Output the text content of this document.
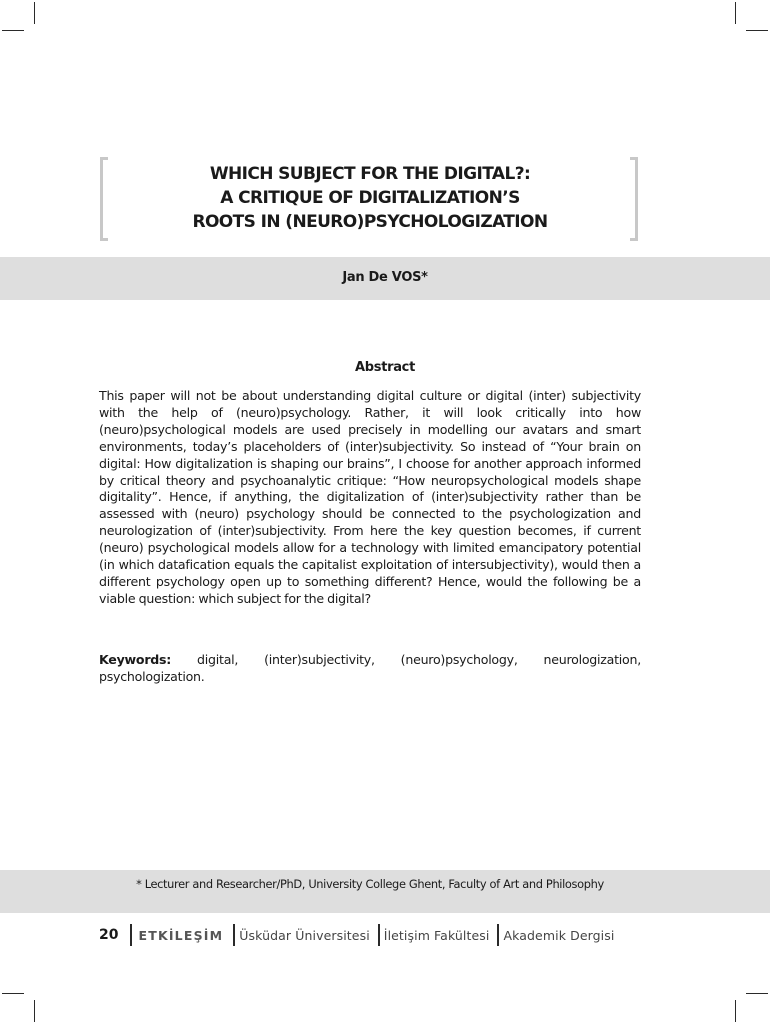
WHICH SUBJECT FOR THE DIGITAL?:
A CRITIQUE OF DIGITALIZATION’S
ROOTS IN (NEURO)PSYCHOLOGIZATION
Jan De VOS*
Abstract
This paper will not be about understanding digital culture or digital (inter) subjectivity with the help of (neuro)psychology. Rather, it will look critically into how (neuro)psychological models are used precisely in modelling our avatars and smart environments, today’s placeholders of (inter)subjectivity. So instead of “Your brain on digital: How digitalization is shaping our brains”, I choose for another approach informed by critical theory and psychoanalytic critique: “How neuropsychological models shape digitality”. Hence, if anything, the digitalization of (inter)subjectivity rather than be assessed with (neuro) psychology should be connected to the psychologization and neurologization of (inter)subjectivity. From here the key question becomes, if current (neuro) psychological models allow for a technology with limited emancipatory potential (in which datafication equals the capitalist exploitation of intersubjectivity), would then a different psychology open up to something different? Hence, would the following be a viable question: which subject for the digital?
Keywords: digital, (inter)subjectivity, (neuro)psychology, neurologization, psychologization.
* Lecturer and Researcher/PhD, University College Ghent, Faculty of Art and Philosophy
20 ETKİLEŞİM Üsküdar Üniversitesi İletişim Fakültesi Akademik Dergisi
